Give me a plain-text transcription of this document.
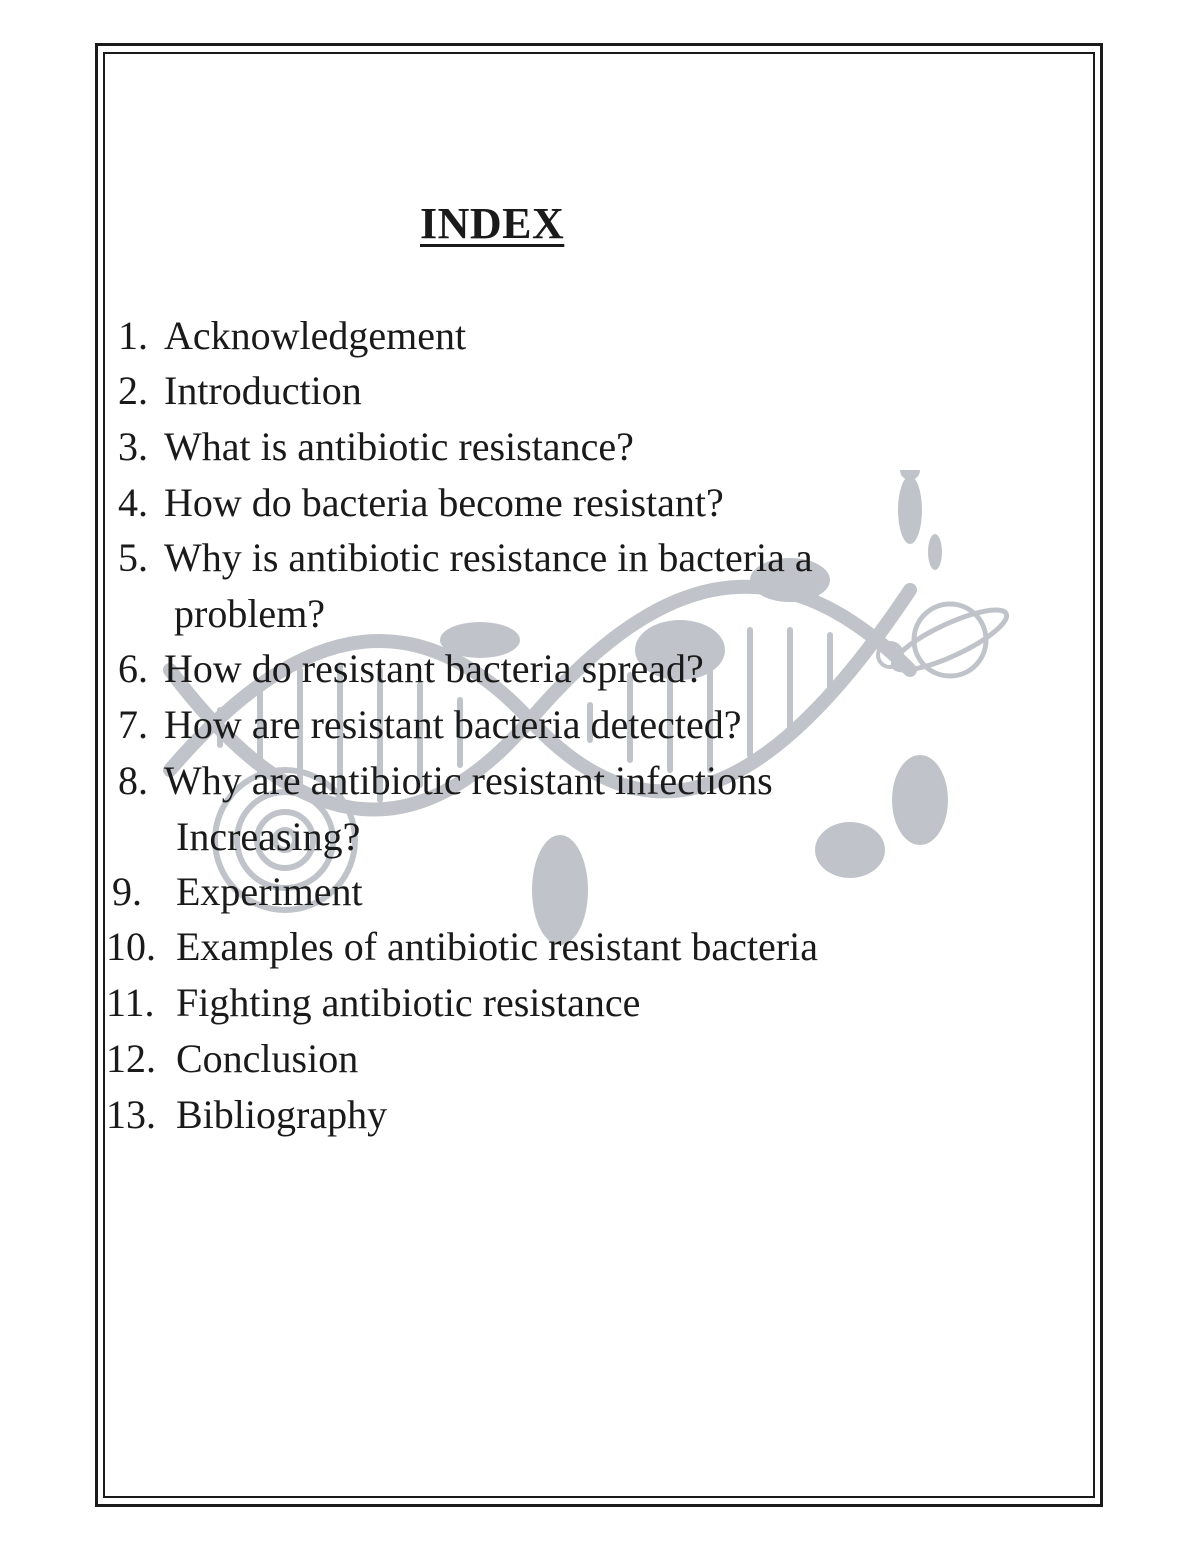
INDEX
1. Acknowledgement
2. Introduction
3. What is antibiotic resistance?
4. How do bacteria become resistant?
5. Why is antibiotic resistance in bacteria a
problem?
6. How do resistant bacteria spread?
7. How are resistant bacteria detected?
8. Why are antibiotic resistant infections
Increasing?
9. Experiment
10. Examples of antibiotic resistant bacteria
11. Fighting antibiotic resistance
12. Conclusion
13. Bibliography
